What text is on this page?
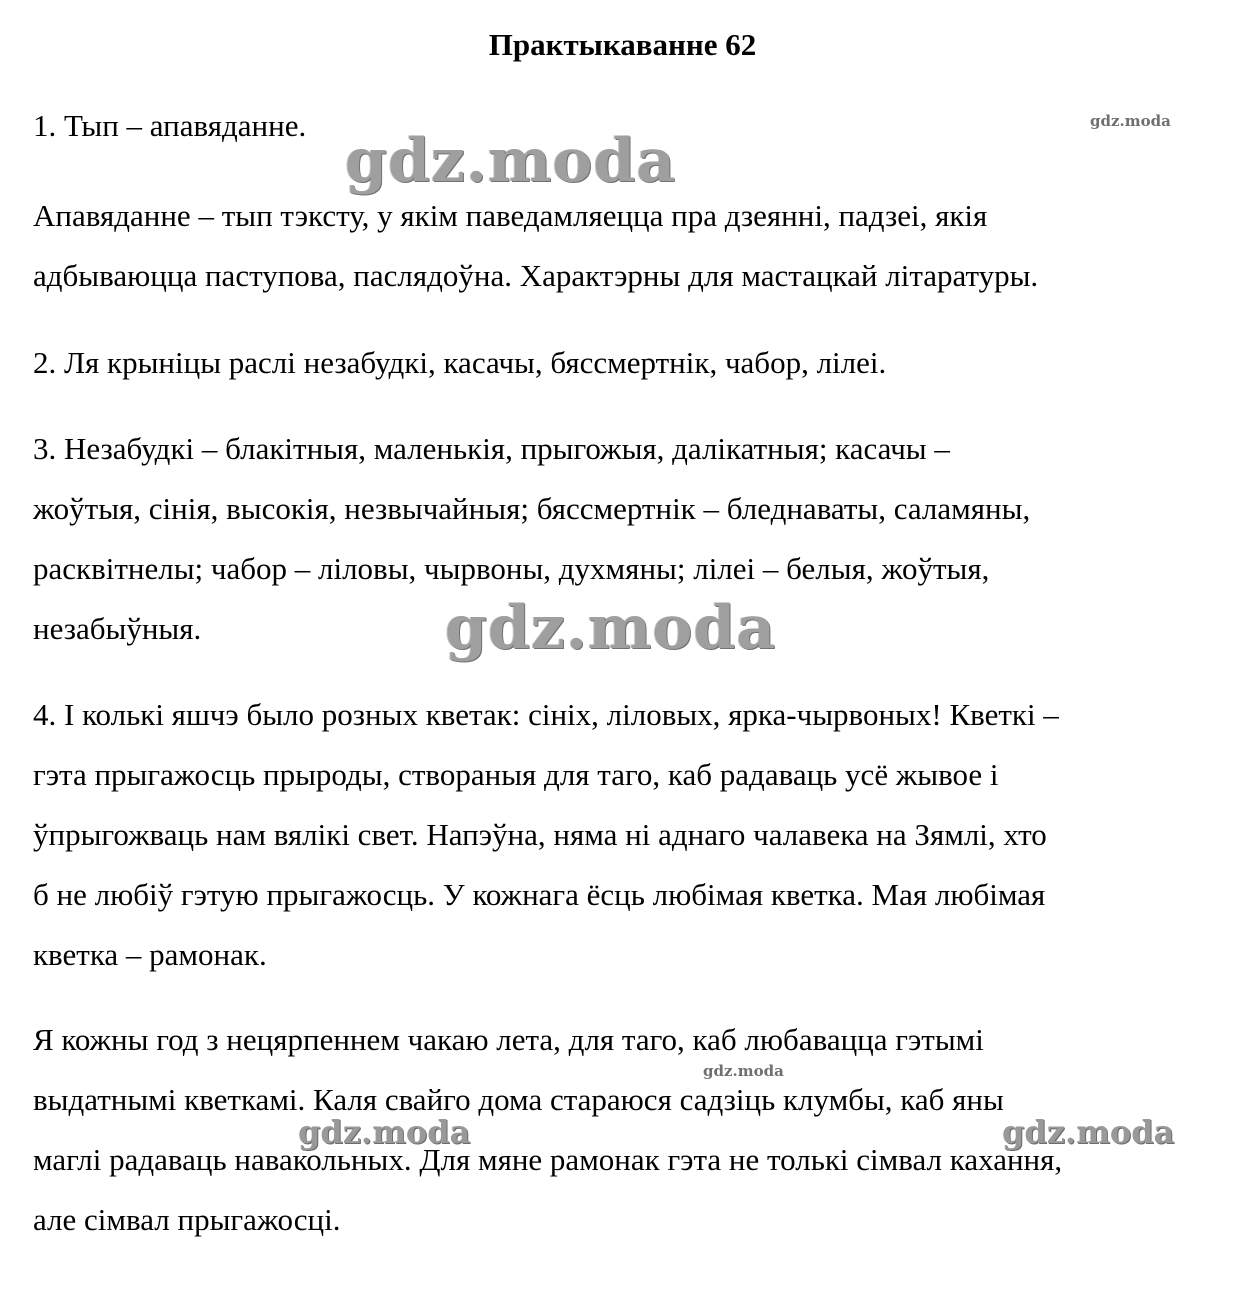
Практыкаванне 62
1. Тып – апавяданне.
Апавяданне – тып тэксту, у якім паведамляецца пра дзеянні, падзеі, якія
адбываюцца паступова, паслядоўна. Характэрны для мастацкай літаратуры.
2. Ля крыніцы раслі незабудкі, касачы, бяссмертнік, чабор, лілеі.
3. Незабудкі – блакітныя, маленькія, прыгожыя, далікатныя; касачы –
жоўтыя, сінія, высокія, незвычайныя; бяссмертнік – бледнаваты, саламяны,
расквітнелы; чабор – ліловы, чырвоны, духмяны; лілеі – белыя, жоўтыя,
незабыўныя.
4. І колькі яшчэ было розных кветак: сініх, ліловых, ярка-чырвоных! Кветкі –
гэта прыгажосць прыроды, створаныя для таго, каб радаваць усё жывое і
ўпрыгожваць нам вялікі свет. Напэўна, няма ні аднаго чалавека на Зямлі, хто
б не любіў гэтую прыгажосць. У кожнага ёсць любімая кветка. Мая любімая
кветка – рамонак.
Я кожны год з нецярпеннем чакаю лета, для таго, каб любавацца гэтымі
выдатнымі кветкамі. Каля свайго дома стараюся садзіць клумбы, каб яны
маглі радаваць навакольных. Для мяне рамонак гэта не толькі сімвал кахання,
але сімвал прыгажосці.
gdz.moda
gdz.moda
gdz.moda	gdz.moda
gdz.moda
gdz.moda
